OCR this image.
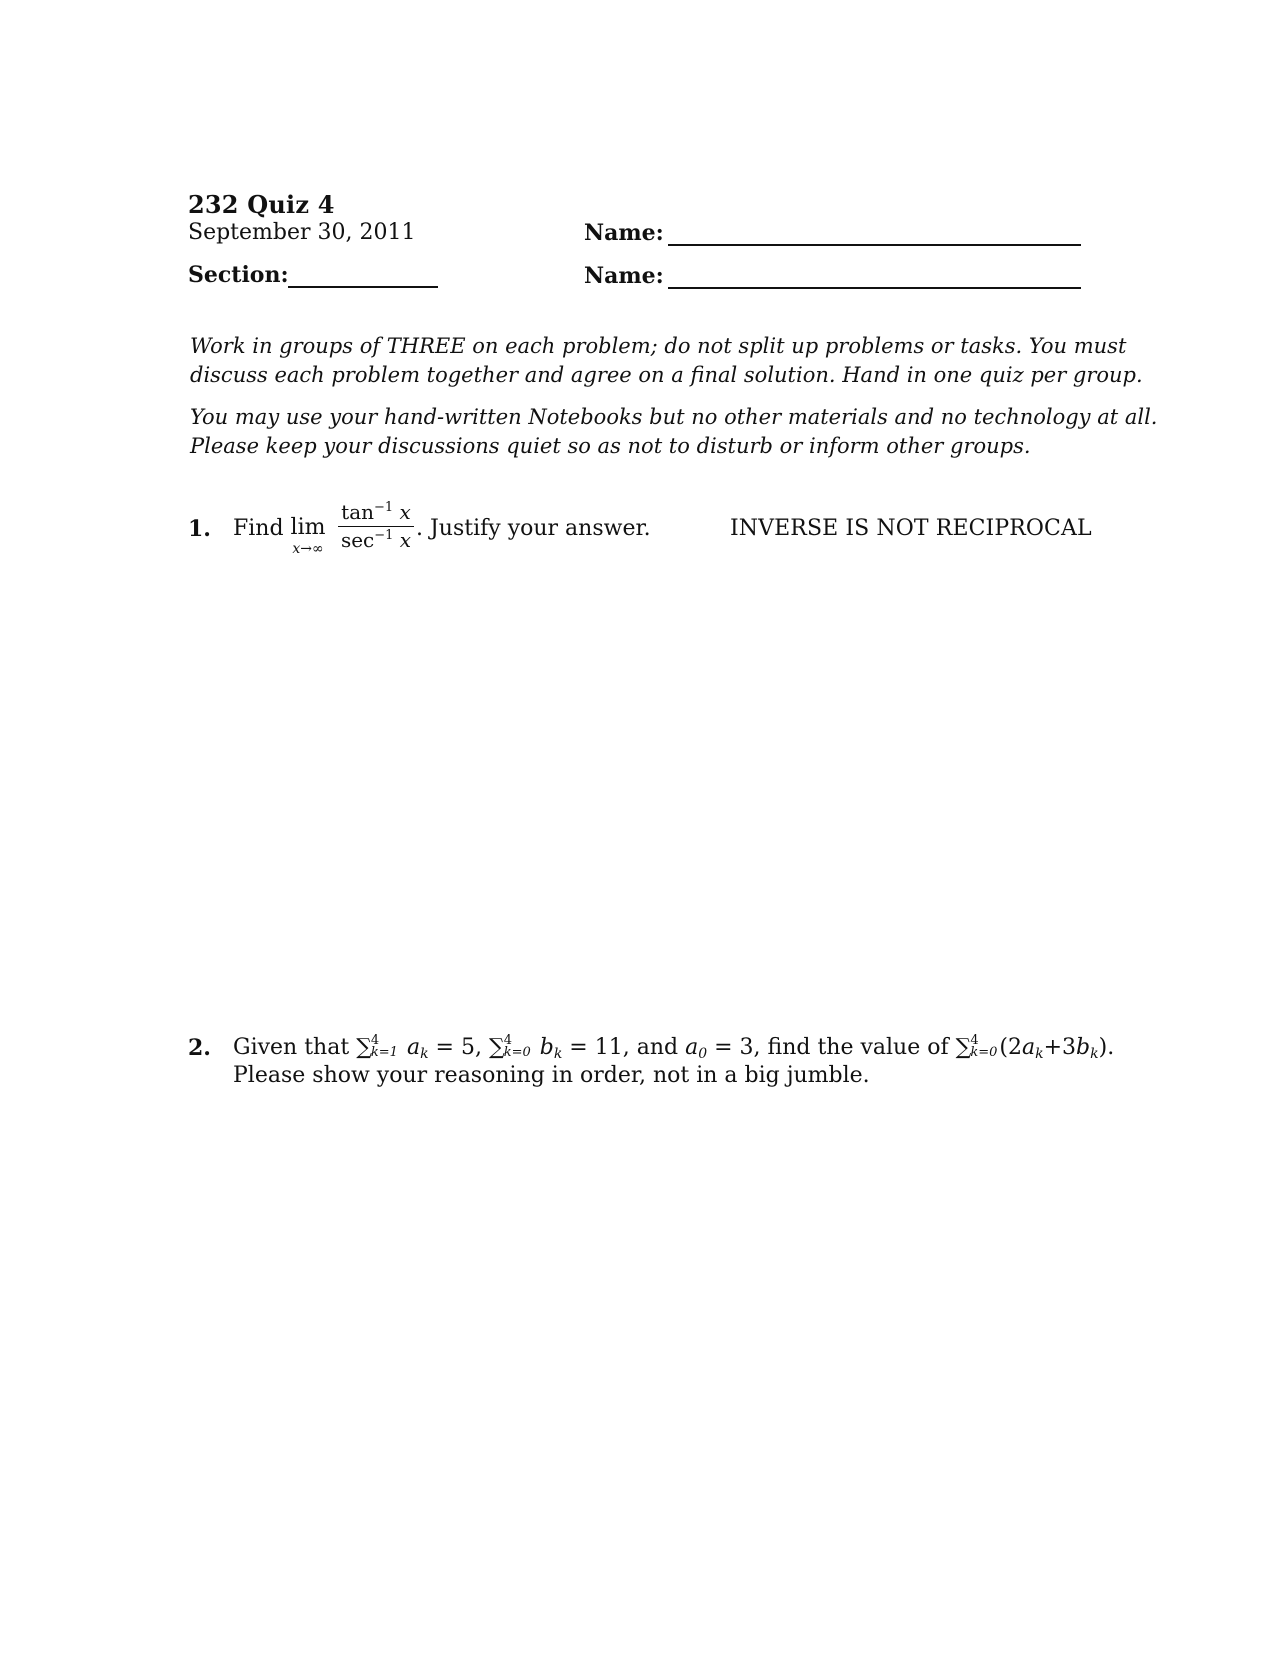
232 Quiz 4
September 30, 2011
Section:
Name:
Name:
Work in groups of THREE on each problem; do not split up problems or tasks. You must
discuss each problem together and agree on a final solution. Hand in one quiz per group.
You may use your hand-written Notebooks but no other materials and no technology at all.
Please keep your discussions quiet so as not to disturb or inform other groups.
1. Find lim
x→∞
$\tan^{-1} x$
$\sec^{-1} x$ . Justify your answer.	INVERSE IS NOT RECIPROCAL
2. Given that ∑ 4
k=1 $a_k = 5$, ∑ 4
k=0 $b_k = 11$, and $a_0 = 3$, find the value of ∑ 4
k=0 $(2a_k+3b_k)$.
Please show your reasoning in order, not in a big jumble.
